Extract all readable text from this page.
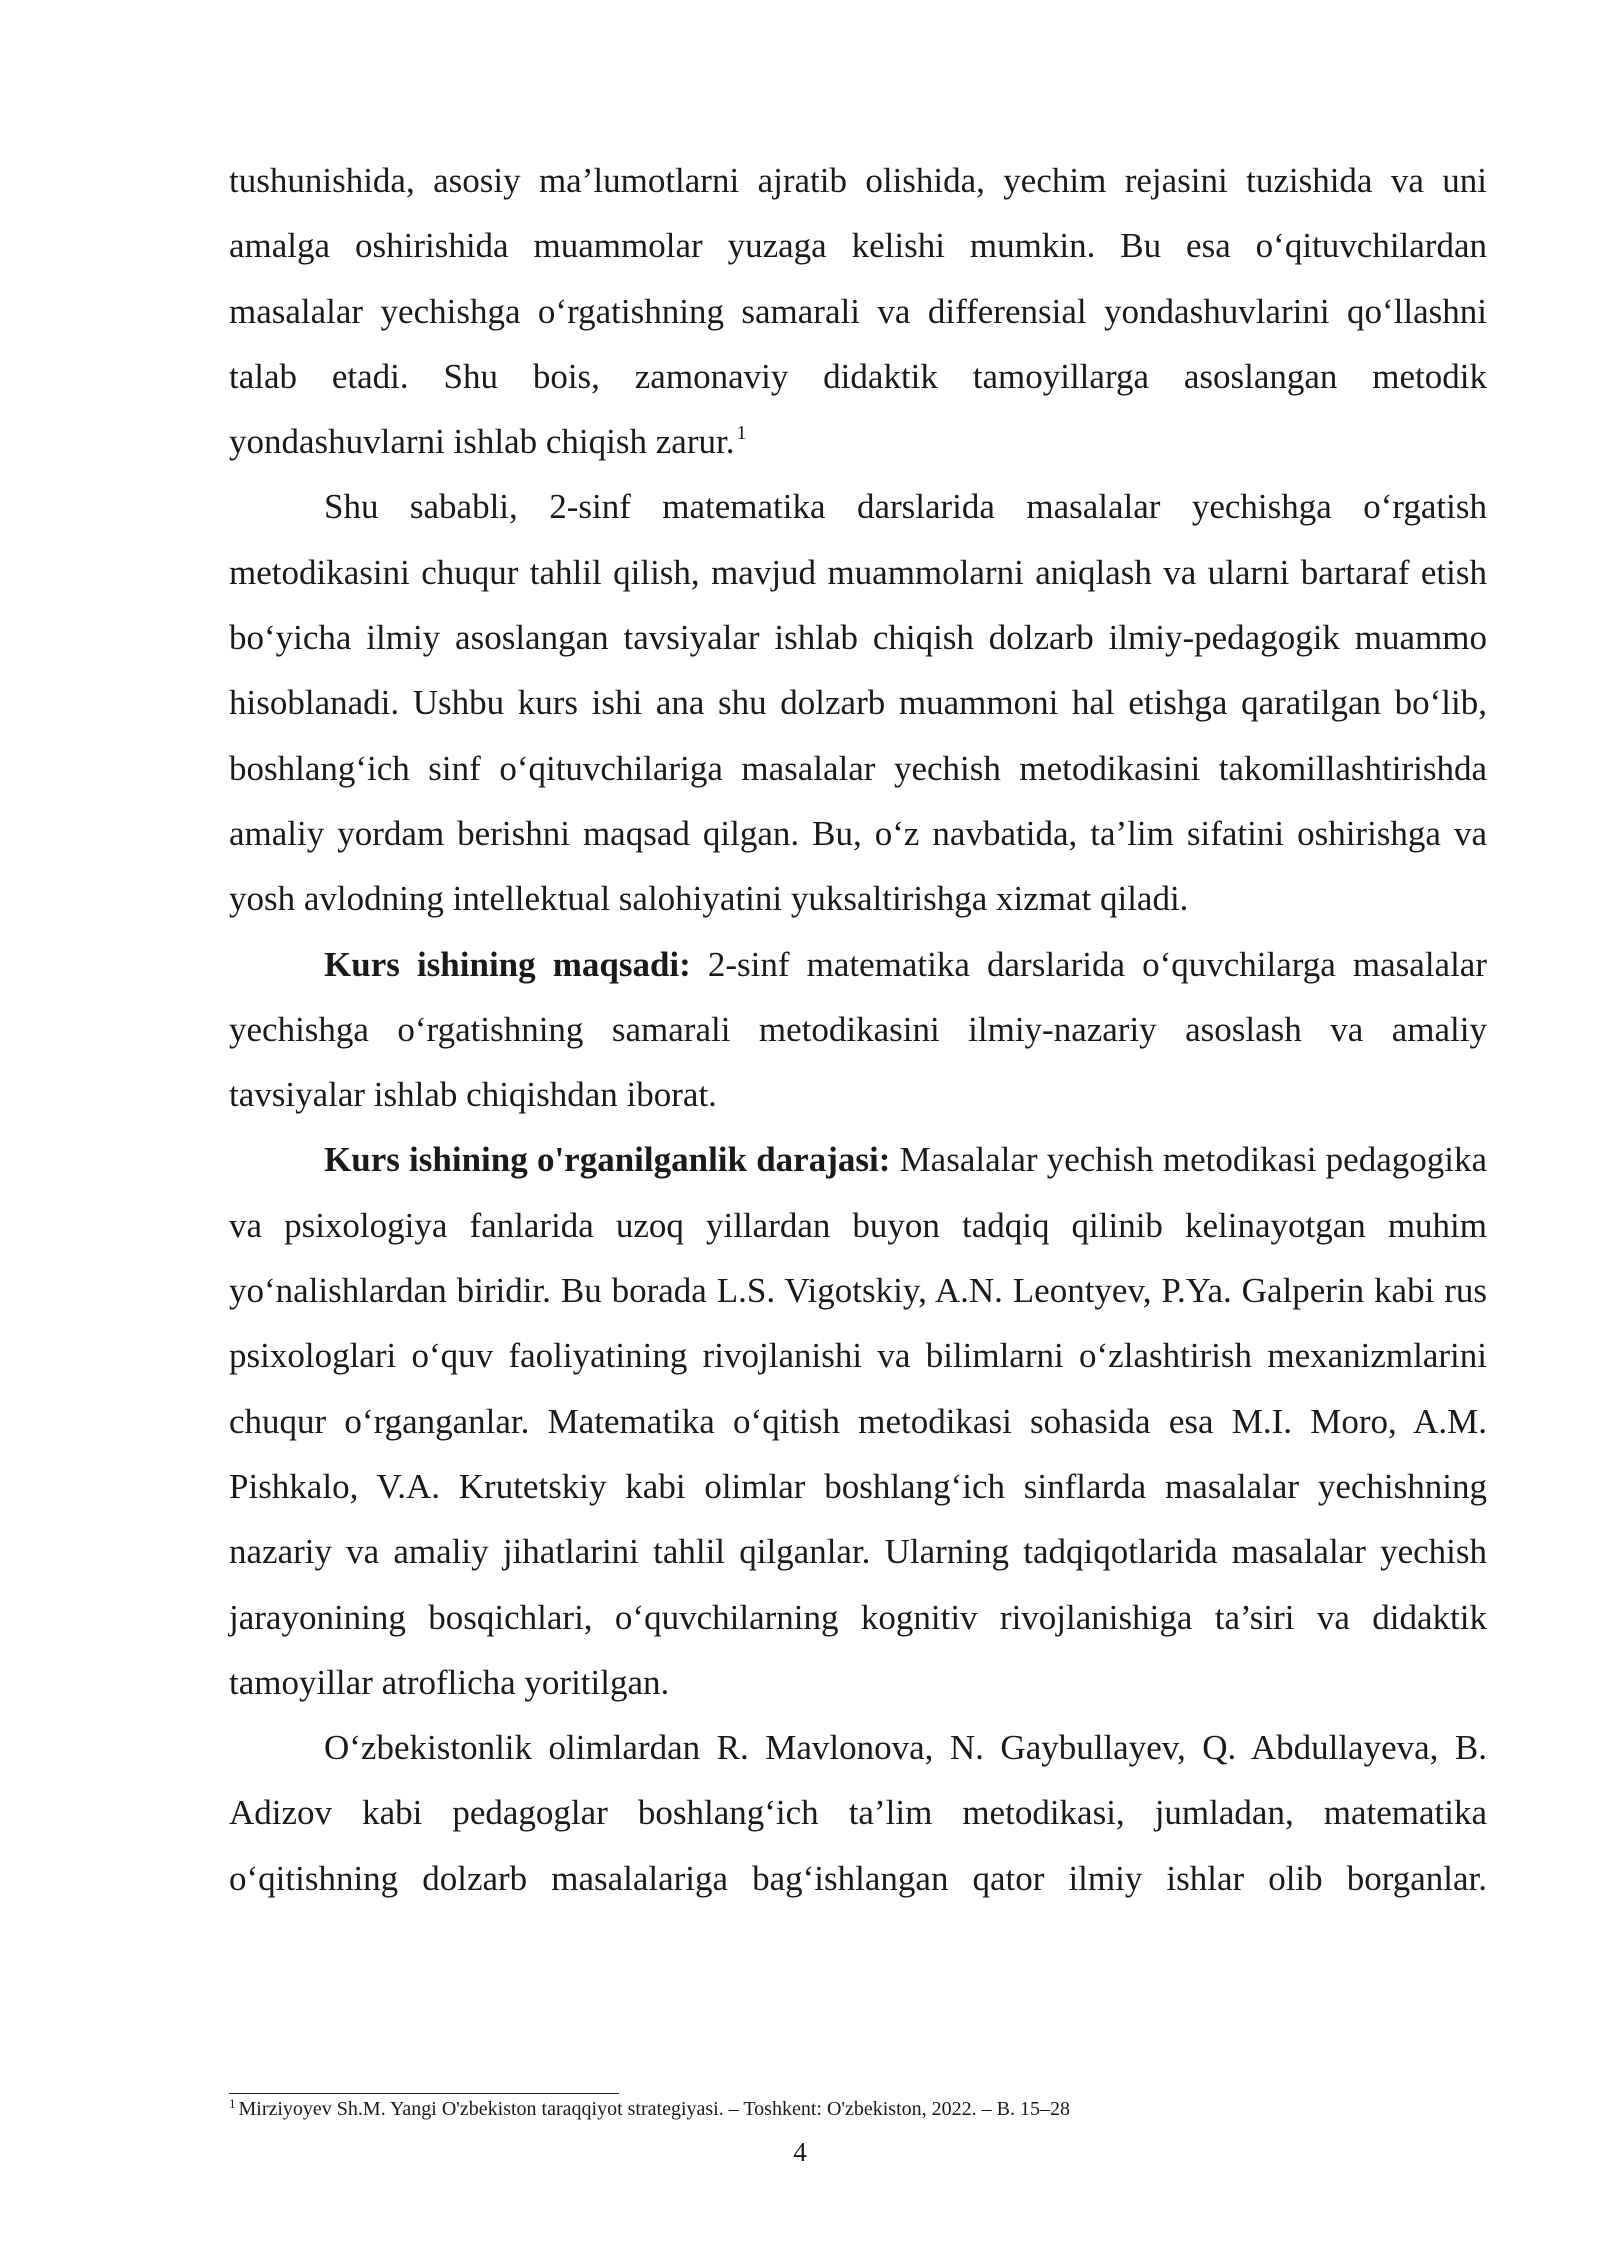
tushunishida, asosiy ma’lumotlarni ajratib olishida, yechim rejasini tuzishida va uni amalga oshirishida muammolar yuzaga kelishi mumkin. Bu esa o‘qituvchilardan masalalar yechishga o‘rgatishning samarali va differensial yondashuvlarini qo‘llashni talab etadi. Shu bois, zamonaviy didaktik tamoyillarga asoslangan metodik yondashuvlarni ishlab chiqish zarur. $^1$

Shu sababli, 2-sinf matematika darslarida masalalar yechishga o‘rgatish metodikasini chuqur tahlil qilish, mavjud muammolarni aniqlash va ularni bartaraf etish bo‘yicha ilmiy asoslangan tavsiyalar ishlab chiqish dolzarb ilmiy-pedagogik muammo hisoblanadi. Ushbu kurs ishi ana shu dolzarb muammoni hal etishga qaratilgan bo‘lib, boshlang‘ich sinf o‘qituvchilariga masalalar yechish metodikasini takomillashtirishda amaliy yordam berishni maqsad qilgan. Bu, o‘z navbatida, ta’lim sifatini oshirishga va yosh avlodning intellektual salohiyatini yuksaltirishga xizmat qiladi.

Kurs ishining maqsadi: 2-sinf matematika darslarida o‘quvchilarga masalalar yechishga o‘rgatishning samarali metodikasini ilmiy-nazariy asoslash va amaliy tavsiyalar ishlab chiqishdan iborat.

Kurs ishining o'rganilganlik darajasi: Masalalar yechish metodikasi pedagogika va psixologiya fanlarida uzoq yillardan buyon tadqiq qilinib kelinayotgan muhim yo‘nalishlardan biridir. Bu borada L.S. Vigotskiy, A.N. Leontyev, P.Ya. Galperin kabi rus psixologlari o‘quv faoliyatining rivojlanishi va bilimlarni o‘zlashtirish mexanizmlarini chuqur o‘rganganlar. Matematika o‘qitish metodikasi sohasida esa M.I. Moro, A.M. Pishkalo, V.A. Krutetskiy kabi olimlar boshlang‘ich sinflarda masalalar yechishning nazariy va amaliy jihatlarini tahlil qilganlar. Ularning tadqiqotlarida masalalar yechish jarayonining bosqichlari, o‘quvchilarning kognitiv rivojlanishiga ta’siri va didaktik tamoyillar atroflicha yoritilgan.

O‘zbekistonlik olimlardan R. Mavlonova, N. Gaybullayev, Q. Abdullayeva, B. Adizov kabi pedagoglar boshlang‘ich ta’lim metodikasi, jumladan, matematika o‘qitishning dolzarb masalalariga bag‘ishlangan qator ilmiy ishlar olib borganlar.

$^1$ Mirziyoyev Sh.M. Yangi O'zbekiston taraqqiyot strategiyasi. – Toshkent: O'zbekiston, 2022. – B. 15–28

4
